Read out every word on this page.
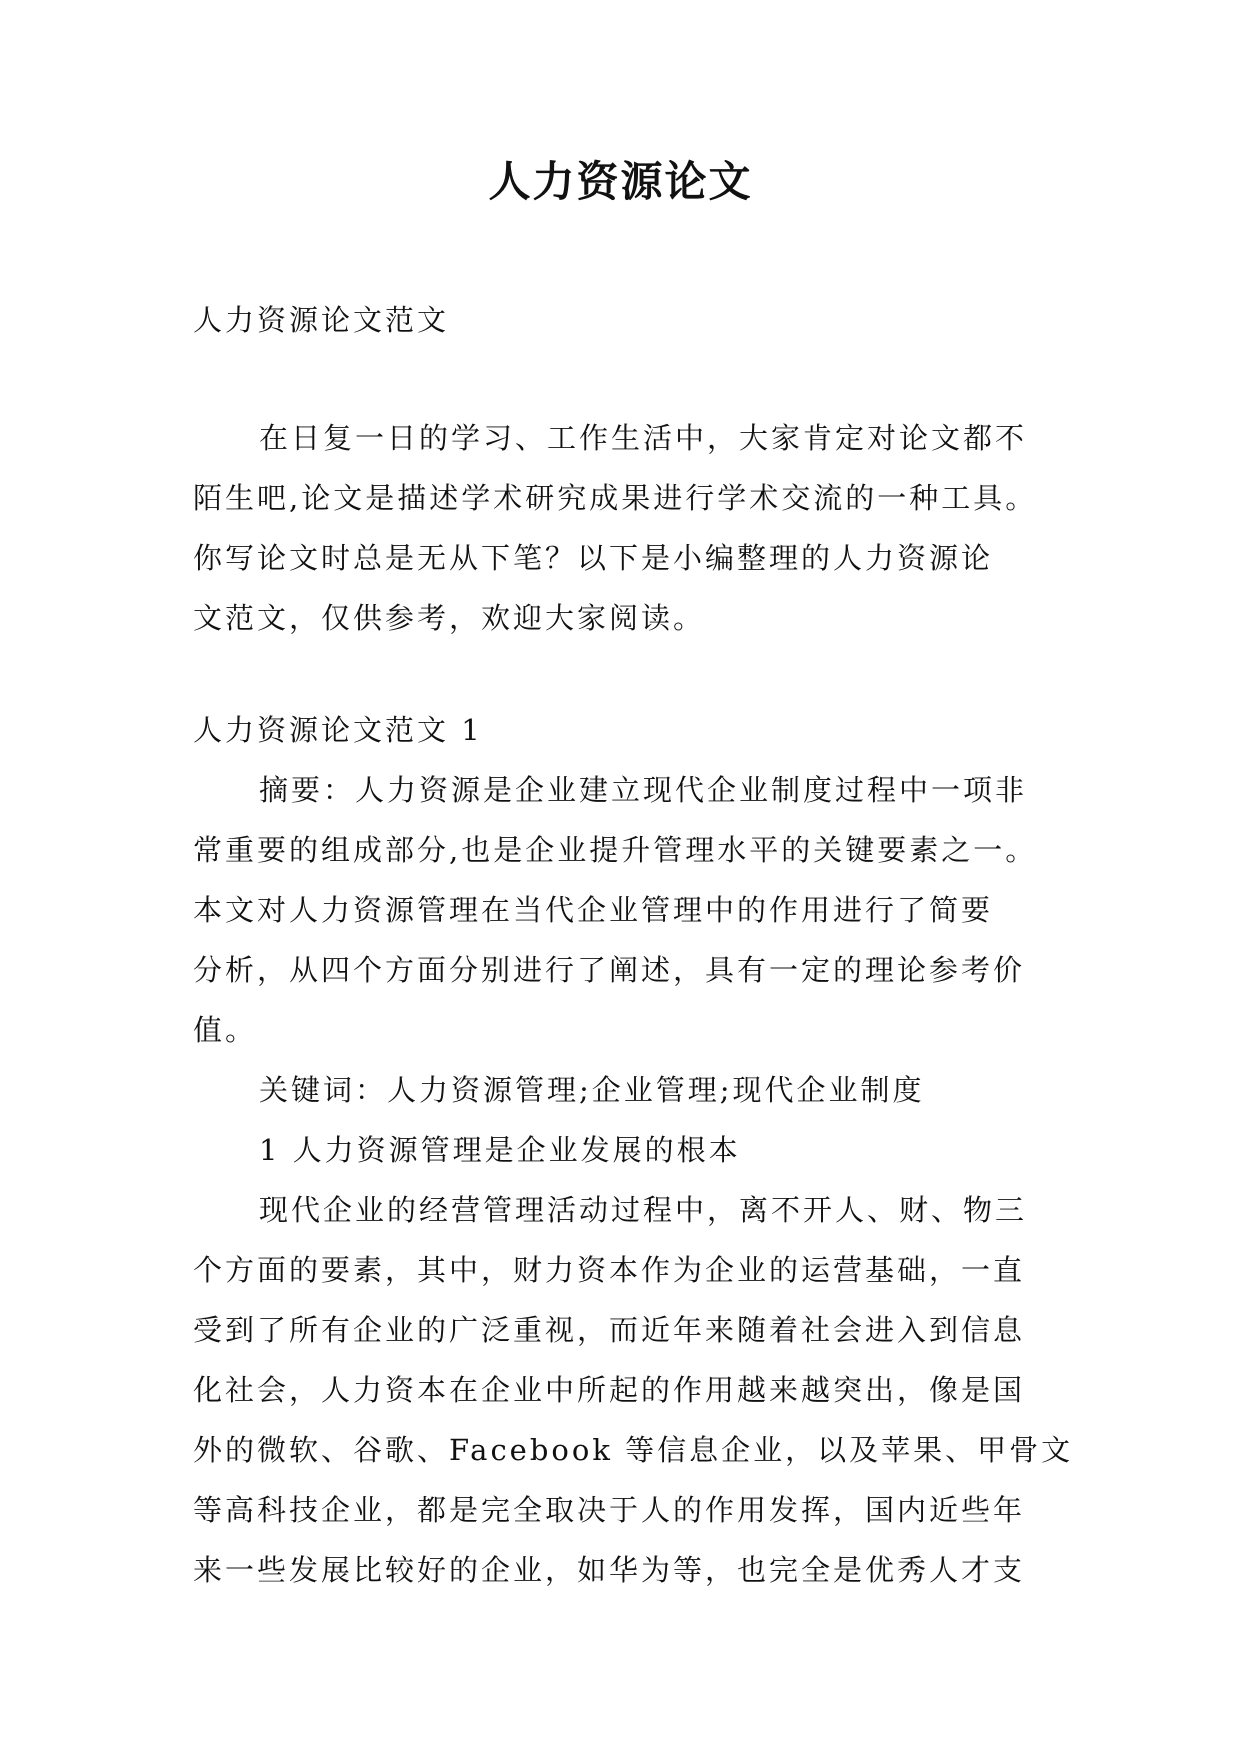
人力资源论文
人力资源论文范文
在日复一日的学习、工作生活中，大家肯定对论文都不
陌生吧,论文是描述学术研究成果进行学术交流的一种工具。
你写论文时总是无从下笔？以下是小编整理的人力资源论
文范文，仅供参考，欢迎大家阅读。
人力资源论文范文 1
摘要：人力资源是企业建立现代企业制度过程中一项非
常重要的组成部分,也是企业提升管理水平的关键要素之一。
本文对人力资源管理在当代企业管理中的作用进行了简要
分析，从四个方面分别进行了阐述，具有一定的理论参考价
值。
关键词：人力资源管理;企业管理;现代企业制度
1 人力资源管理是企业发展的根本
现代企业的经营管理活动过程中，离不开人、财、物三
个方面的要素，其中，财力资本作为企业的运营基础，一直
受到了所有企业的广泛重视，而近年来随着社会进入到信息
化社会，人力资本在企业中所起的作用越来越突出，像是国
外的微软、谷歌、Facebook 等信息企业，以及苹果、甲骨文
等高科技企业，都是完全取决于人的作用发挥，国内近些年
来一些发展比较好的企业，如华为等，也完全是优秀人才支
